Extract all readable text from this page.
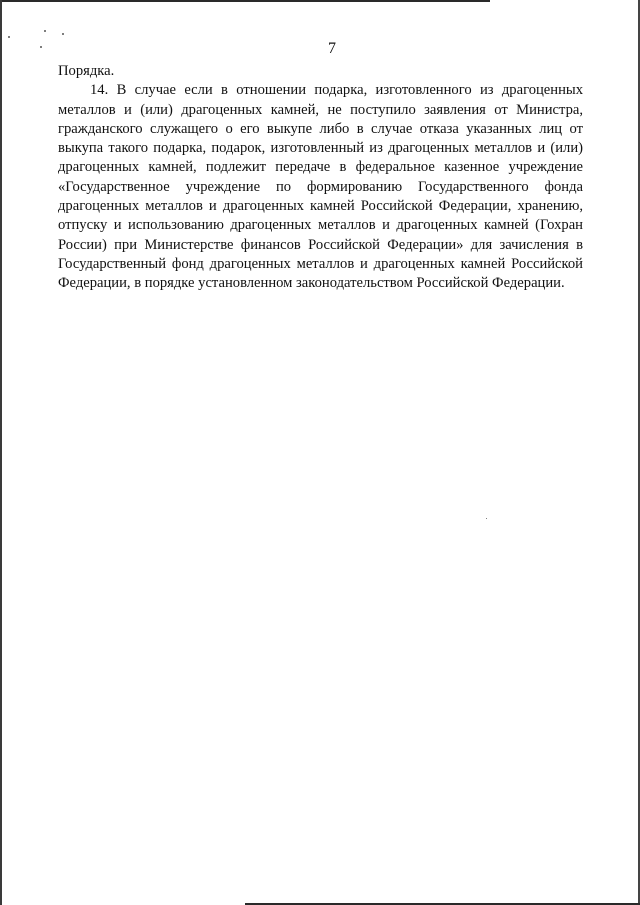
7
Порядка.
14. В случае если в отношении подарка, изготовленного из драгоценных
металлов и (или) драгоценных камней, не поступило заявления от Министра,
гражданского служащего о его выкупе либо в случае отказа указанных лиц от
выкупа такого подарка, подарок, изготовленный из драгоценных металлов и (или)
драгоценных камней, подлежит передаче в федеральное казенное учреждение
«Государственное учреждение по формированию Государственного фонда
драгоценных металлов и драгоценных камней Российской Федерации, хранению,
отпуску и использованию драгоценных металлов и драгоценных камней (Гохран
России) при Министерстве финансов Российской Федерации» для зачисления в
Государственный фонд драгоценных металлов и драгоценных камней Российской
Федерации, в порядке установленном законодательством Российской Федерации.
